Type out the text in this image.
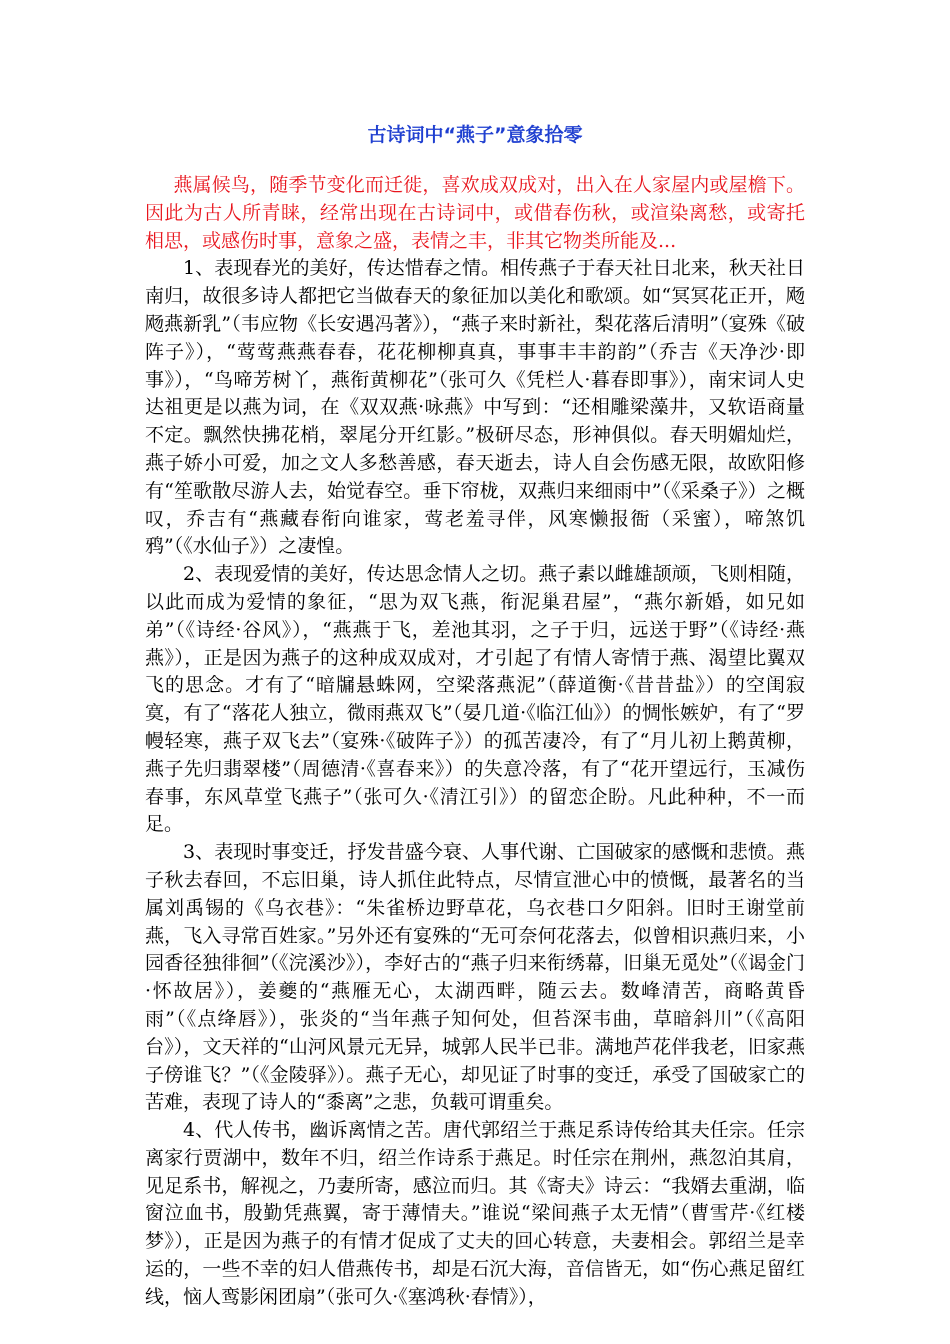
古诗词中“燕子”意象拾零

燕属候鸟，随季节变化而迁徙，喜欢成双成对，出入在人家屋内或屋檐下。因此为古人所青睐，经常出现在古诗词中，或借春伤秋，或渲染离愁，或寄托相思，或感伤时事，意象之盛，表情之丰，非其它物类所能及...

1、表现春光的美好，传达惜春之情。相传燕子于春天社日北来，秋天社日南归，故很多诗人都把它当做春天的象征加以美化和歌颂。如“冥冥花正开，飏飏燕新乳”（韦应物《长安遇冯著》），“燕子来时新社，梨花落后清明”（宴殊《破阵子》），“莺莺燕燕春春，花花柳柳真真，事事丰丰韵韵”（乔吉《天净沙·即事》），“鸟啼芳树丫，燕衔黄柳花”（张可久《凭栏人·暮春即事》），南宋词人史达祖更是以燕为词，在《双双燕·咏燕》中写到：“还相雕梁藻井，又软语商量不定。飘然快拂花梢，翠尾分开红影。”极研尽态，形神俱似。春天明媚灿烂，燕子娇小可爱，加之文人多愁善感，春天逝去，诗人自会伤感无限，故欧阳修有“笙歌散尽游人去，始觉春空。垂下帘栊，双燕归来细雨中”（《采桑子》）之概叹，乔吉有“燕藏春衔向谁家，莺老羞寻伴，风寒懒报衙（采蜜），啼煞饥鸦”（《水仙子》）之凄惶。

2、表现爱情的美好，传达思念情人之切。燕子素以雌雄颉颃，飞则相随，以此而成为爱情的象征，“思为双飞燕，衔泥巢君屋”，“燕尔新婚，如兄如弟”（《诗经·谷风》），“燕燕于飞，差池其羽，之子于归，远送于野”（《诗经·燕燕》），正是因为燕子的这种成双成对，才引起了有情人寄情于燕、渴望比翼双飞的思念。才有了“暗牖悬蛛网，空梁落燕泥”（薛道衡·《昔昔盐》）的空闺寂寞，有了“落花人独立，微雨燕双飞”（晏几道·《临江仙》）的惆怅嫉妒，有了“罗幔轻寒，燕子双飞去”（宴殊·《破阵子》）的孤苦凄冷，有了“月儿初上鹅黄柳，燕子先归翡翠楼”（周德清·《喜春来》）的失意冷落，有了“花开望远行，玉减伤春事，东风草堂飞燕子”（张可久·《清江引》）的留恋企盼。凡此种种，不一而足。

3、表现时事变迁，抒发昔盛今衰、人事代谢、亡国破家的感慨和悲愤。燕子秋去春回，不忘旧巢，诗人抓住此特点，尽情宣泄心中的愤慨，最著名的当属刘禹锡的《乌衣巷》：“朱雀桥边野草花，乌衣巷口夕阳斜。旧时王谢堂前燕，飞入寻常百姓家。”另外还有宴殊的“无可奈何花落去，似曾相识燕归来，小园香径独徘徊”（《浣溪沙》），李好古的“燕子归来衔绣幕，旧巢无觅处”（《谒金门·怀故居》），姜夔的“燕雁无心，太湖西畔，随云去。数峰清苦，商略黄昏雨”（《点绛唇》），张炎的“当年燕子知何处，但苔深韦曲，草暗斜川”（《高阳台》），文天祥的“山河风景元无异，城郭人民半已非。满地芦花伴我老，旧家燕子傍谁飞？”（《金陵驿》）。燕子无心，却见证了时事的变迁，承受了国破家亡的苦难，表现了诗人的“黍离”之悲，负载可谓重矣。

4、代人传书，幽诉离情之苦。唐代郭绍兰于燕足系诗传给其夫任宗。任宗离家行贾湖中，数年不归，绍兰作诗系于燕足。时任宗在荆州，燕忽泊其肩，见足系书，解视之，乃妻所寄，感泣而归。其《寄夫》诗云：“我婿去重湖，临窗泣血书，殷勤凭燕翼，寄于薄情夫。”谁说“梁间燕子太无情”（曹雪芹·《红楼梦》），正是因为燕子的有情才促成了丈夫的回心转意，夫妻相会。郭绍兰是幸运的，一些不幸的妇人借燕传书，却是石沉大海，音信皆无，如“伤心燕足留红线，恼人鸾影闲团扇”（张可久·《塞鸿秋·春情》），
